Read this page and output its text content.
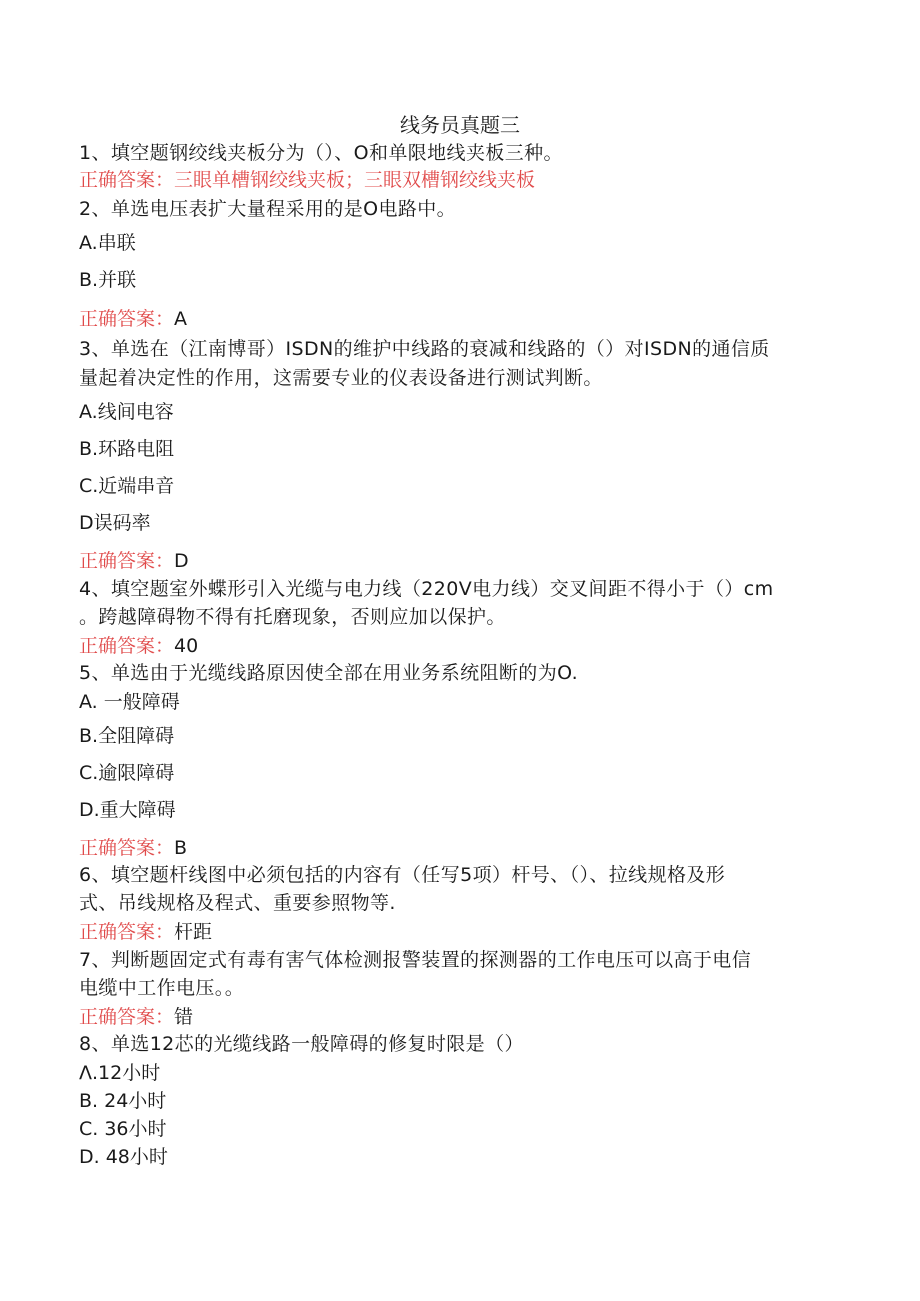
线务员真题三
1、填空题钢绞线夹板分为（）、O和单限地线夹板三种。
正确答案：三眼单槽钢绞线夹板；三眼双槽钢绞线夹板
2、单选电压表扩大量程采用的是O电路中。
A.串联
B.并联
正确答案：A
3、单选在（江南博哥）ISDN的维护中线路的衰减和线路的（）对ISDN的通信质
量起着决定性的作用，这需要专业的仪表设备进行测试判断。
A.线间电容
B.环路电阻
C.近端串音
D误码率
正确答案：D
4、填空题室外蝶形引入光缆与电力线（220V电力线）交叉间距不得小于（）cm
。跨越障碍物不得有托磨现象，否则应加以保护。
正确答案：40
5、单选由于光缆线路原因使全部在用业务系统阻断的为O.
A. 一般障碍
B.全阻障碍
C.逾限障碍
D.重大障碍
正确答案：B
6、填空题杆线图中必须包括的内容有（任写5项）杆号、（）、拉线规格及形
式、吊线规格及程式、重要参照物等.
正确答案：杆距
7、判断题固定式有毒有害气体检测报警装置的探测器的工作电压可以高于电信
电缆中工作电压。。
正确答案：错
8、单选12芯的光缆线路一般障碍的修复时限是（）
Λ.12小时
B. 24小时
C. 36小时
D. 48小时
